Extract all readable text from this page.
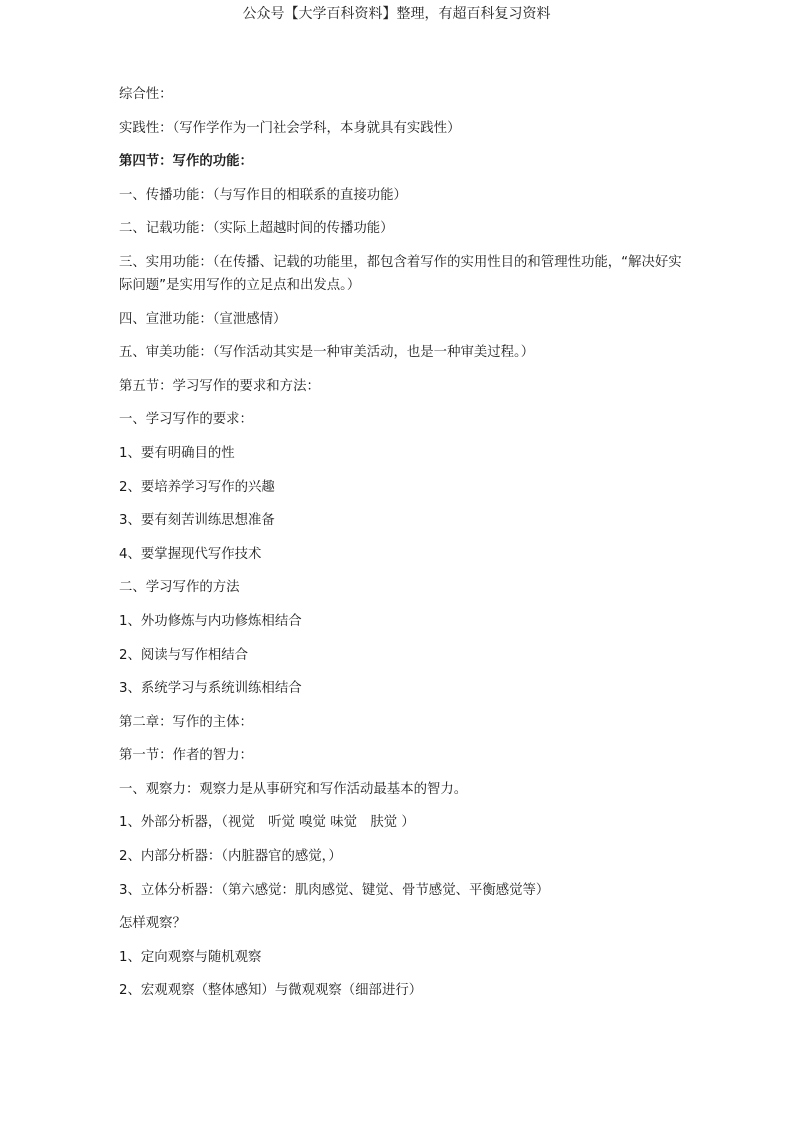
公众号【大学百科资料】整理，有超百科复习资料

综合性：

实践性：（写作学作为一门社会学科，本身就具有实践性）

第四节：写作的功能：

一、传播功能：（与写作目的相联系的直接功能）

二、记载功能：（实际上超越时间的传播功能）

三、实用功能：（在传播、记载的功能里，都包含着写作的实用性目的和管理性功能，“解决好实际问题”是实用写作的立足点和出发点。）

四、宣泄功能：（宣泄感情）

五、审美功能：（写作活动其实是一种审美活动，也是一种审美过程。）

第五节：学习写作的要求和方法：

一、学习写作的要求：

1、要有明确目的性

2、要培养学习写作的兴趣

3、要有刻苦训练思想准备

4、要掌握现代写作技术

二、学习写作的方法

1、外功修炼与内功修炼相结合

2、阅读与写作相结合

3、系统学习与系统训练相结合

第二章：写作的主体：

第一节：作者的智力：

一、观察力：观察力是从事研究和写作活动最基本的智力。

1、外部分析器，（视觉　听觉 嗅觉 味觉　肤觉 ）

2、内部分析器：（内脏器官的感觉，）

3、立体分析器：（第六感觉：肌肉感觉、键觉、骨节感觉、平衡感觉等）

怎样观察？

1、定向观察与随机观察

2、宏观观察（整体感知）与微观观察（细部进行）
